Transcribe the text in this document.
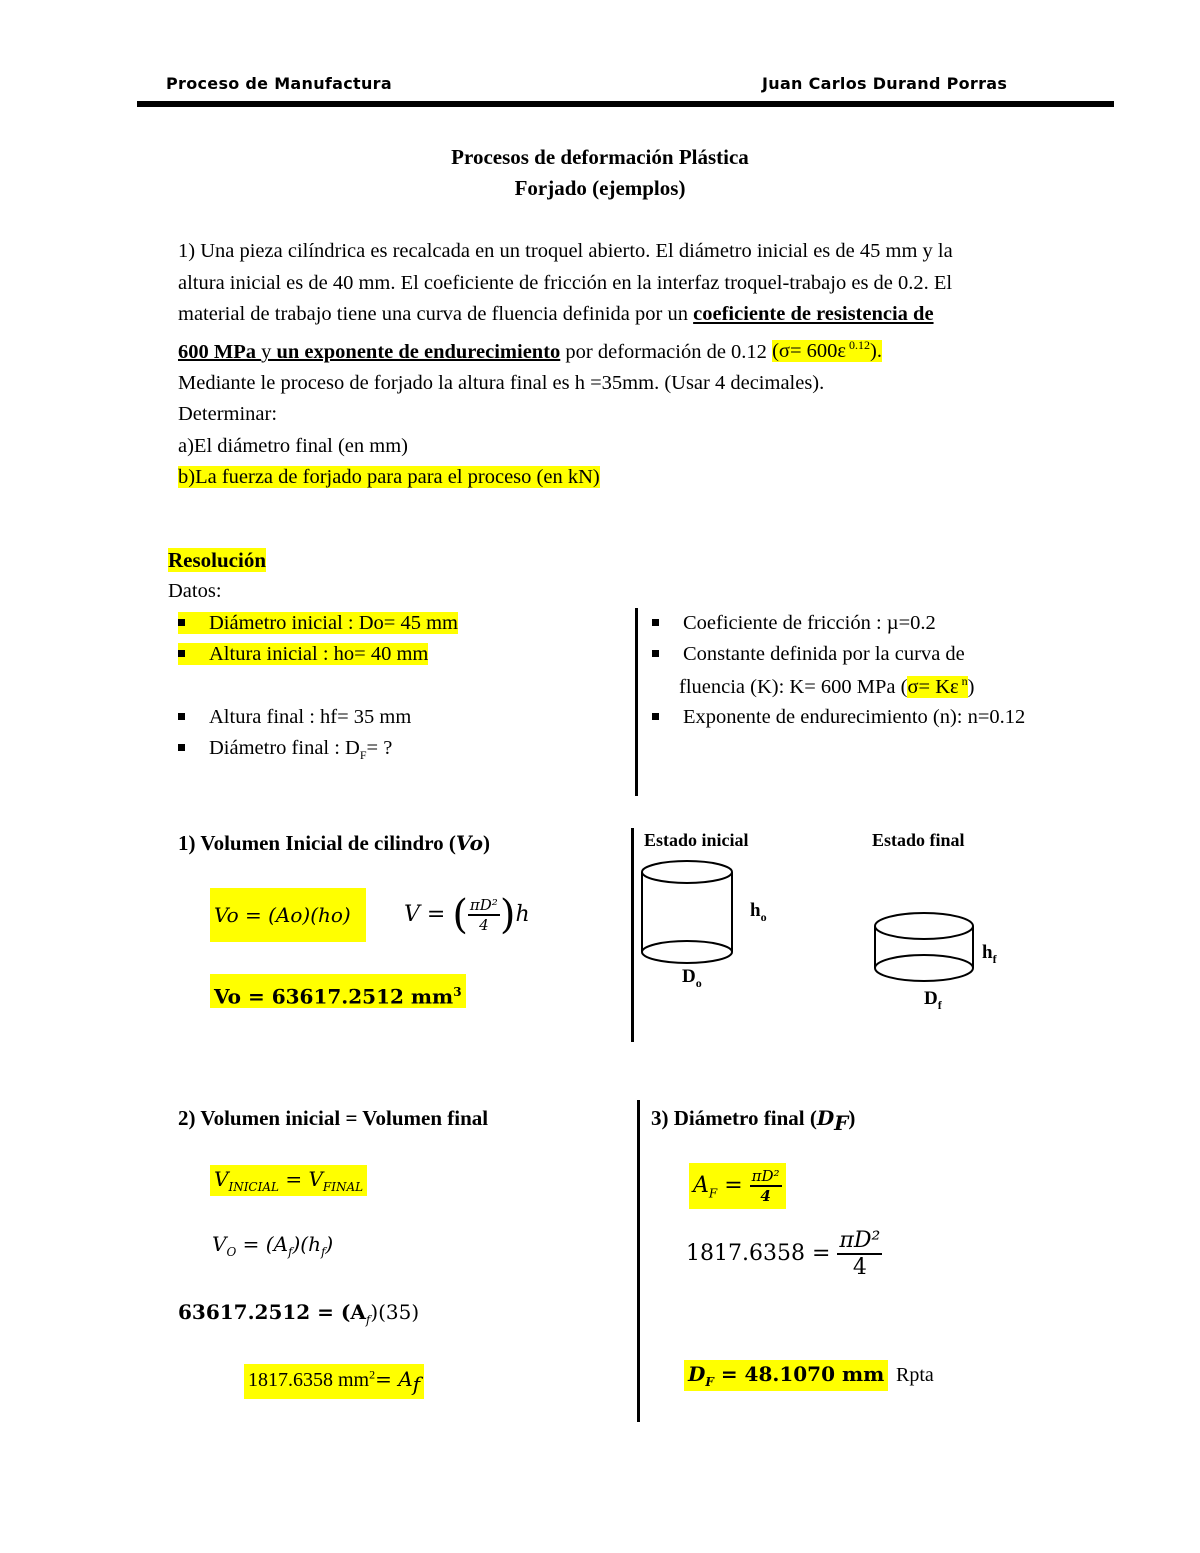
Proceso de Manufactura	Juan Carlos Durand Porras
Procesos de deformación Plástica
Forjado (ejemplos)
1) Una pieza cilíndrica es recalcada en un troquel abierto. El diámetro inicial es de 45 mm y la
altura inicial es de 40 mm. El coeficiente de fricción en la interfaz troquel-trabajo es de 0.2. El
material de trabajo tiene una curva de fluencia definida por un coeficiente de resistencia de
600 MPa y un exponente de endurecimiento por deformación de 0.12 (σ= 600ε $^{0.12}$).
Mediante le proceso de forjado la altura final es h =35mm. (Usar 4 decimales).
Determinar:
a)El diámetro final (en mm)
b)La fuerza de forjado para para el proceso (en kN)
Resolución
Datos:
Diámetro inicial : Do= 45 mm
Altura inicial : ho= 40 mm
Altura final : hf= 35 mm
Diámetro final : $D_F=$ ?
Coeficiente de fricción : µ=0.2
Constante definida por la curva de
fluencia (K): K= 600 MPa (σ= Kε $^n$)
Exponente de endurecimiento (n): n=0.12
1) Volumen Inicial de cilindro (Vo)
Vo = (Ao)(ho)	V = ( $\frac{\text{πD²}}{4} )h$
Vo = 63617.2512 $mm^3$
Estado inicial	Estado final
$h_o$
$D_o$
$h_f$
$D_f$
2) Volumen inicial = Volumen final
$V_{INICIAL} = V_{FINAL}$
$V_O = (A_f)(h_f)$
$63617.2512 = (A_f)(35)$
1817.6358 $mm^2= A_f$
3) Diámetro final $(D_F)$
$A_F = \frac{\text{πD²}}{4}$
$1817.6358 = \frac{\text{πD²}}{4}$
$D_F = 48.1070$ mm Rpta
